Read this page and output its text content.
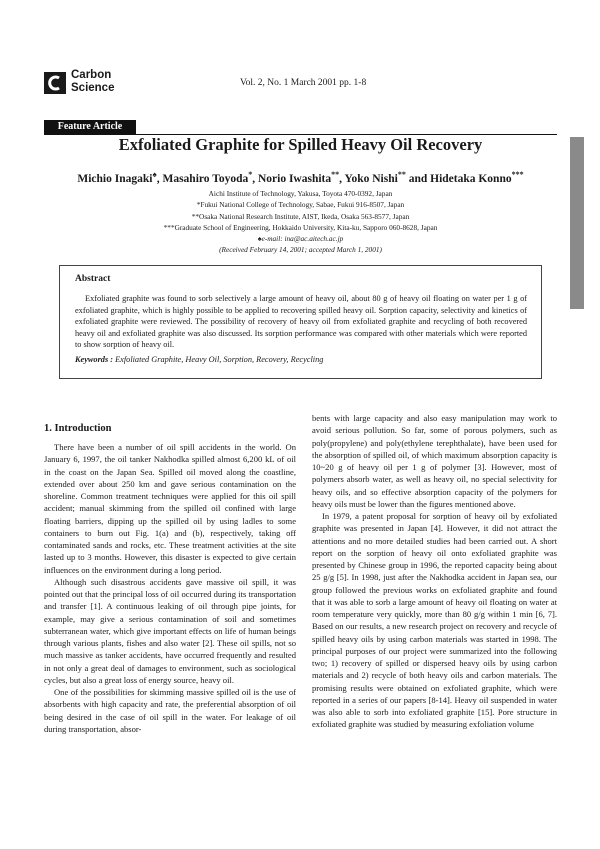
Carbon
Science	Vol. 2, No. 1 March 2001 pp. 1-8
Feature Article
Exfoliated Graphite for Spilled Heavy Oil Recovery
Michio Inagaki♠, Masahiro Toyoda*, Norio Iwashita**, Yoko Nishi** and Hidetaka Konno***
Aichi Institute of Technology, Yakusa, Toyota 470-0392, Japan
*Fukui National College of Technology, Sabae, Fukui 916-8507, Japan
**Osaka National Research Institute, AIST, Ikeda, Osaka 563-8577, Japan
***Graduate School of Engineering, Hokkaido University, Kita-ku, Sapporo 060-8628, Japan
♠e-mail: ina@ac.aitech.ac.jp
(Received February 14, 2001; accepted March 1, 2001)
Abstract

Exfoliated graphite was found to sorb selectively a large amount of heavy oil, about 80 g of heavy oil floating on water per 1 g of exfoliated graphite, which is highly possible to be applied to recovering spilled heavy oil. Sorption capacity, selectivity and kinetics of exfoliated graphite were reviewed. The possibility of recovery of heavy oil from exfoliated graphite and recycling of both recovered heavy oil and exfoliated graphite was also discussed. Its sorption performance was compared with other materials which were reported to show sorption of heavy oil.

Keywords : Exfoliated Graphite, Heavy Oil, Sorption, Recovery, Recycling
1. Introduction

There have been a number of oil spill accidents in the world. On January 6, 1997, the oil tanker Nakhodka spilled almost 6,200 kL of oil in the coast on the Japan Sea. Spilled oil moved along the coastline, extended over about 250 km and gave serious contamination on the shoreline. Common treatment techniques were applied for this oil spill accident; manual skimming from the spilled oil confined with large floating barriers, dipping up the spilled oil by using ladles to some containers to burn out Fig. 1(a) and (b), respectively, taking off contaminated sands and rocks, etc. These treatment activities at the site lasted up to 3 months. However, this disaster is expected to give certain influences on the environment during a long period.

Although such disastrous accidents gave massive oil spill, it was pointed out that the principal loss of oil occurred during its transportation and transfer [1]. A continuous leaking of oil through pipe joints, for example, may give a serious contamination of soil and sometimes subterranean water, which give important effects on life of human beings through various plants, fishes and also water [2]. These oil spills, not so much massive as tanker accidents, have occurred frequently and resulted in not only a great deal of damages to environment, such as sociological cycles, but also a great loss of energy source, heavy oil.

One of the possibilities for skimming massive spilled oil is the use of absorbents with high capacity and rate, the preferential absorption of oil being desired in the case of oil spill in the water. For leakage of oil during transportation, absor-

bents with large capacity and also easy manipulation may work to avoid serious pollution. So far, some of porous polymers, such as poly(propylene) and poly(ethylene terephthalate), have been used for the absorption of spilled oil, of which maximum absorption capacity is 10~20 g of heavy oil per 1 g of polymer [3]. However, most of polymers absorb water, as well as heavy oil, no special selectivity for heavy oils, and so effective absorption capacity of the polymers for heavy oils must be lower than the figures mentioned above.

In 1979, a patent proposal for sorption of heavy oil by exfoliated graphite was presented in Japan [4]. However, it did not attract the attentions and no more detailed studies had been carried out. A short report on the sorption of heavy oil onto exfoliated graphite was presented by Chinese group in 1996, the reported capacity being about 25 g/g [5]. In 1998, just after the Nakhodka accident in Japan sea, our group followed the previous works on exfoliated graphite and found that it was able to sorb a large amount of heavy oil floating on water at room temperature very quickly, more than 80 g/g within 1 min [6, 7]. Based on our results, a new research project on recovery and recycle of spilled heavy oils by using carbon materials was started in 1998. The principal purposes of our project were summarized into the following two; 1) recovery of spilled or dispersed heavy oils by using carbon materials and 2) recycle of both heavy oils and carbon materials. The promising results were obtained on exfoliated graphite, which were reported in a series of our papers [8-14]. Heavy oil suspended in water was also able to sorb into exfoliated graphite [15]. Pore structure in exfoliated graphite was studied by measuring exfoliation volume
